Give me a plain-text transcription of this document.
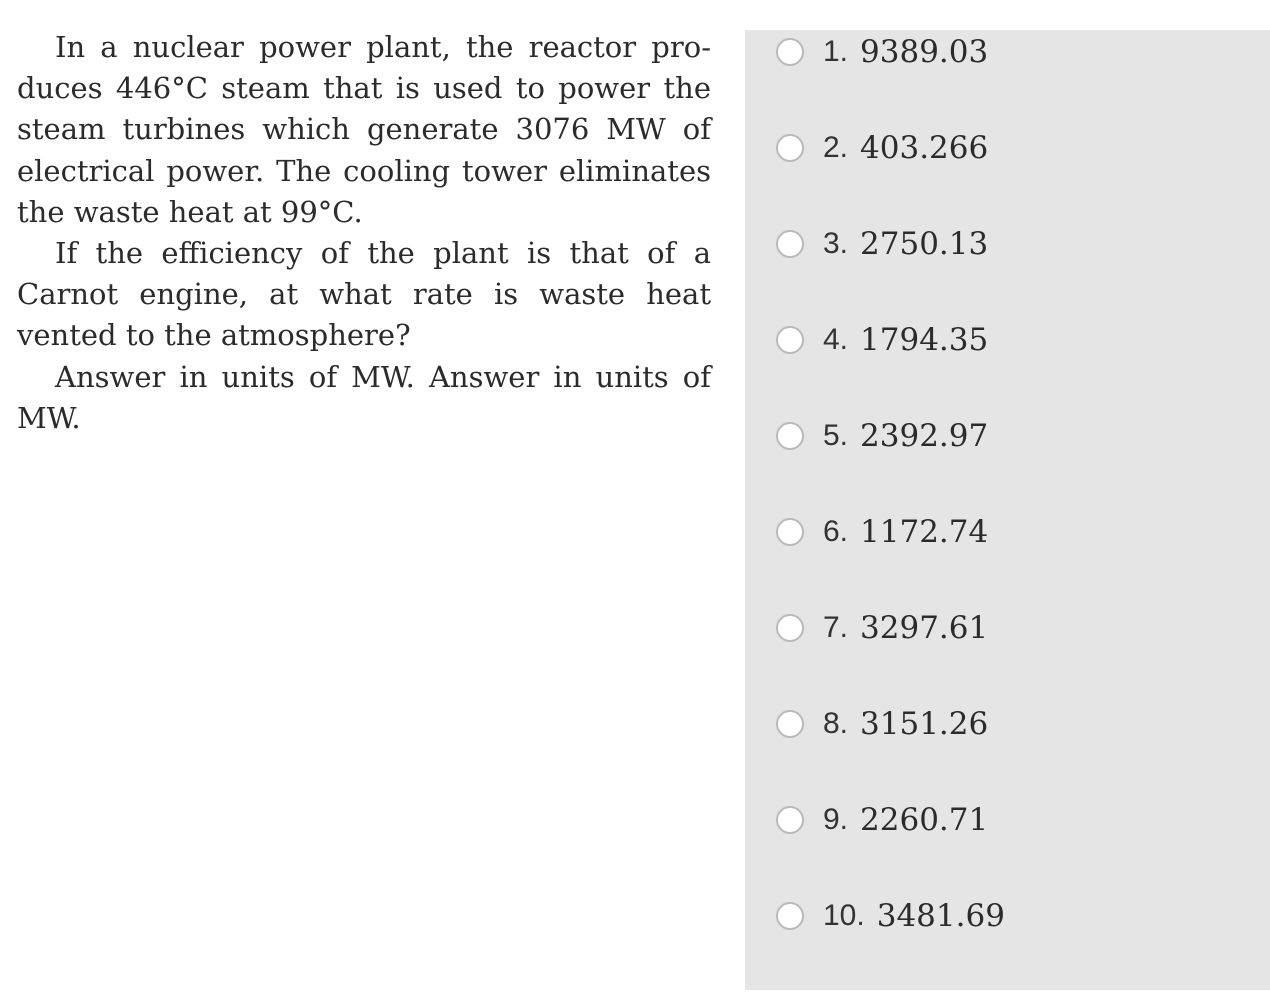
In a nuclear power plant, the reactor produces 446°C steam that is used to power the steam turbines which generate 3076 MW of electrical power. The cooling tower eliminates the waste heat at 99°C.

If the efficiency of the plant is that of a Carnot engine, at what rate is waste heat vented to the atmosphere?

Answer in units of MW. Answer in units of MW.

1. 9389.03
2. 403.266
3. 2750.13
4. 1794.35
5. 2392.97
6. 1172.74
7. 3297.61
8. 3151.26
9. 2260.71
10. 3481.69
